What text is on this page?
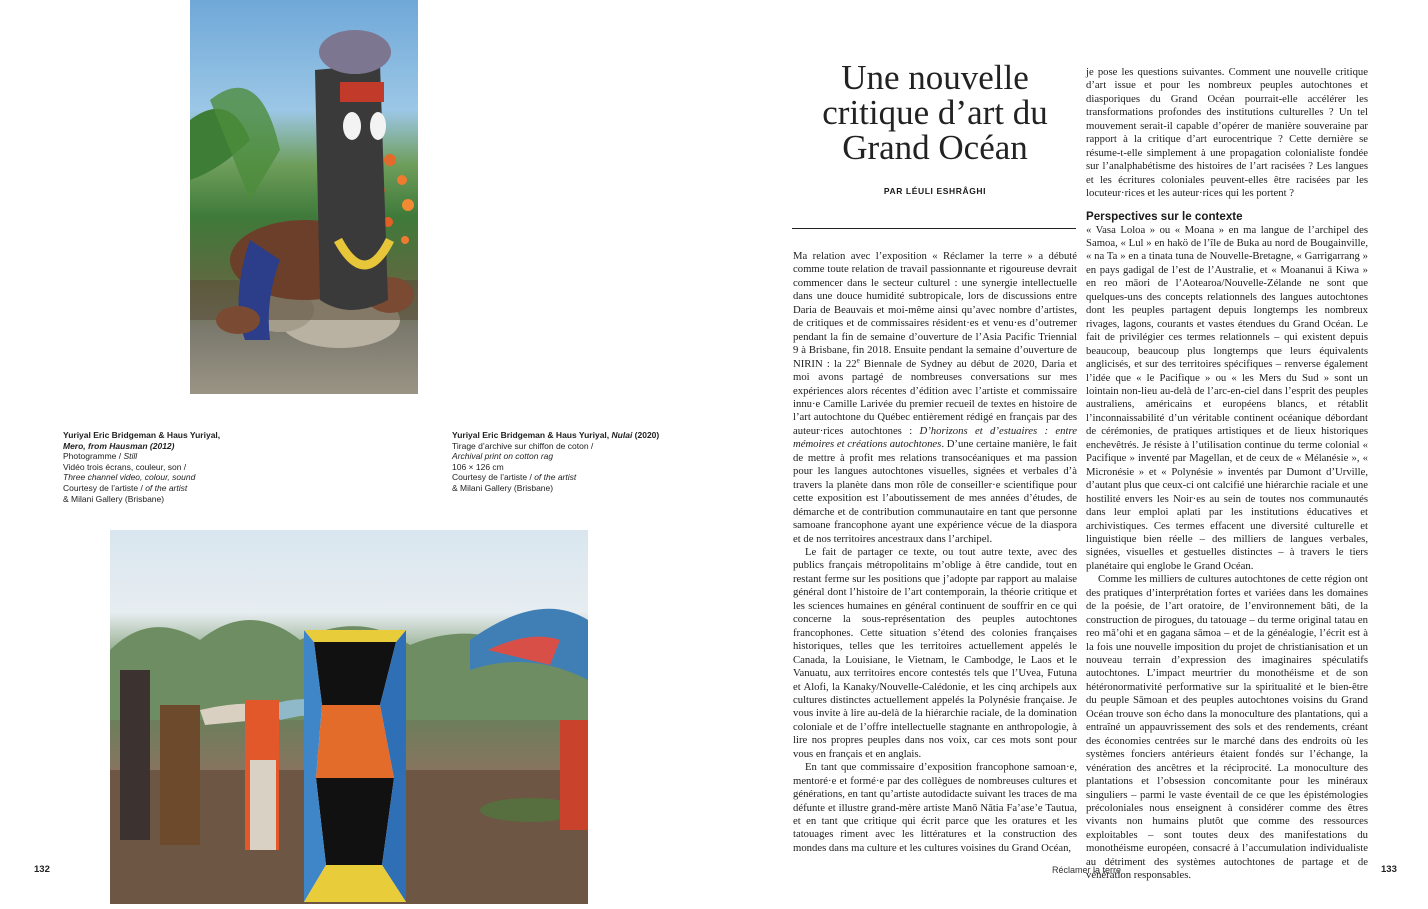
Yuriyal Eric Bridgeman & Haus Yuriyal,
Mero, from Hausman (2012)
Photogramme / Still
Vidéo trois écrans, couleur, son /
Three channel video, colour, sound
Courtesy de l’artiste / of the artist
& Milani Gallery (Brisbane)
Yuriyal Eric Bridgeman & Haus Yuriyal, Nulai (2020)
Tirage d’archive sur chiffon de coton /
Archival print on cotton rag
106 × 126 cm
Courtesy de l’artiste / of the artist
& Milani Gallery (Brisbane)
132	Réclamer la terre	133
Une nouvelle
critique d’art du
Grand Océan
PAR LÉULI ESHRÂGHI

Ma relation avec l’exposition « Réclamer la terre » a débuté comme toute relation de travail passionnante et rigoureuse devrait commencer dans le secteur culturel : une synergie intellectuelle dans une douce humidité subtropicale, lors de discussions entre Daria de Beauvais et moi-même ainsi qu’avec nombre d’artistes, de critiques et de commissaires résident·es et venu·es d’outremer pendant la fin de semaine d’ouverture de l’Asia Pacific Triennial 9 à Brisbane, fin 2018. Ensuite pendant la semaine d’ouverture de NIRIN : la 22e Biennale de Sydney au début de 2020, Daria et moi avons partagé de nombreuses conversations sur mes expériences alors récentes d’édition avec l’artiste et commissaire innu·e Camille Larivée du premier recueil de textes en histoire de l’art autochtone du Québec entièrement rédigé en français par des auteur·rices autochtones : D’horizons et d’estuaires : entre mémoires et créations autochtones. D’une certaine manière, le fait de mettre à profit mes relations transocéaniques et ma passion pour les langues autochtones visuelles, signées et verbales d’à travers la planète dans mon rôle de conseiller·e scientifique pour cette exposition est l’aboutissement de mes années d’études, de démarche et de contribution communautaire en tant que personne samoane francophone ayant une expérience vécue de la diaspora et de nos territoires ancestraux dans l’archipel.

Le fait de partager ce texte, ou tout autre texte, avec des publics français métropolitains m’oblige à être candide, tout en restant ferme sur les positions que j’adopte par rapport au malaise général dont l’histoire de l’art contemporain, la théorie critique et les sciences humaines en général continuent de souffrir en ce qui concerne la sous-représentation des peuples autochtones francophones. Cette situation s’étend des colonies françaises historiques, telles que les territoires actuellement appelés le Canada, la Louisiane, le Vietnam, le Cambodge, le Laos et le Vanuatu, aux territoires encore contestés tels que l’Uvea, Futuna et Alofi, la Kanaky/Nouvelle-Calédonie, et les cinq archipels aux cultures distinctes actuellement appelés la Polynésie française. Je vous invite à lire au-delà de la hiérarchie raciale, de la domination coloniale et de l’offre intellectuelle stagnante en anthropologie, à lire nos propres peuples dans nos voix, car ces mots sont pour vous en français et en anglais.

En tant que commissaire d’exposition francophone samoan·e, mentoré·e et formé·e par des collègues de nombreuses cultures et générations, en tant qu’artiste autodidacte suivant les traces de ma défunte et illustre grand-mère artiste Manō Nātia Fa’ase’e Tautua, et en tant que critique qui écrit parce que les oratures et les tatouages riment avec les littératures et la construction des mondes dans ma culture et les cultures voisines du Grand Océan,

je pose les questions suivantes. Comment une nouvelle critique d’art issue et pour les nombreux peuples autochtones et diasporiques du Grand Océan pourrait-elle accélérer les transformations profondes des institutions culturelles ? Un tel mouvement serait-il capable d’opérer de manière souveraine par rapport à la critique d’art eurocentrique ? Cette dernière se résume-t-elle simplement à une propagation colonialiste fondée sur l’analphabétisme des histoires de l’art racisées ? Les langues et les écritures coloniales peuvent-elles être racisées par les locuteur·rices et les auteur·rices qui les portent ?

Perspectives sur le contexte

« Vasa Loloa » ou « Moana » en ma langue de l’archipel des Samoa, « Lul » en hakö de l’île de Buka au nord de Bougainville, « na Ta » en a tinata tuna de Nouvelle-Bretagne, « Garrigarrang » en pays gadigal de l’est de l’Australie, et « Moananui ā Kiwa » en reo māori de l’Aotearoa/Nouvelle-Zélande ne sont que quelques-uns des concepts relationnels des langues autochtones dont les peuples partagent depuis longtemps les nombreux rivages, lagons, courants et vastes étendues du Grand Océan. Le fait de privilégier ces termes relationnels – qui existent depuis beaucoup, beaucoup plus longtemps que leurs équivalents anglicisés, et sur des territoires spécifiques – renverse également l’idée que « le Pacifique » ou « les Mers du Sud » sont un lointain non-lieu au-delà de l’arc-en-ciel dans l’esprit des peuples australiens, américains et européens blancs, et rétablit l’inconnaissabilité d’un véritable continent océanique débordant de cérémonies, de pratiques artistiques et de lieux historiques enchevêtrés. Je résiste à l’utilisation continue du terme colonial « Pacifique » inventé par Magellan, et de ceux de « Mélanésie », « Micronésie » et « Polynésie » inventés par Dumont d’Urville, d’autant plus que ceux-ci ont calcifié une hiérarchie raciale et une hostilité envers les Noir·es au sein de toutes nos communautés dans leur emploi aplati par les institutions éducatives et archivistiques. Ces termes effacent une diversité culturelle et linguistique bien réelle – des milliers de langues verbales, signées, visuelles et gestuelles distinctes – à travers le tiers planétaire qui englobe le Grand Océan.

Comme les milliers de cultures autochtones de cette région ont des pratiques d’interprétation fortes et variées dans les domaines de la poésie, de l’art oratoire, de l’environnement bâti, de la construction de pirogues, du tatouage – du terme original tatau en reo mā’ohi et en gagana sāmoa – et de la généalogie, l’écrit est à la fois une nouvelle imposition du projet de christianisation et un nouveau terrain d’expression des imaginaires spéculatifs autochtones. L’impact meurtrier du monothéisme et de son hétéronormativité performative sur la spiritualité et le bien-être du peuple Sāmoan et des peuples autochtones voisins du Grand Océan trouve son écho dans la monoculture des plantations, qui a entraîné un appauvrissement des sols et des rendements, créant des économies centrées sur le marché dans des endroits où les systèmes fonciers antérieurs étaient fondés sur l’échange, la vénération des ancêtres et la réciprocité. La monoculture des plantations et l’obsession concomitante pour les minéraux singuliers – parmi le vaste éventail de ce que les épistémologies précoloniales nous enseignent à considérer comme des êtres vivants non humains plutôt que comme des ressources exploitables – sont toutes deux des manifestations du monothéisme européen, consacré à l’accumulation individualiste au détriment des systèmes autochtones de partage et de vénération responsables.
